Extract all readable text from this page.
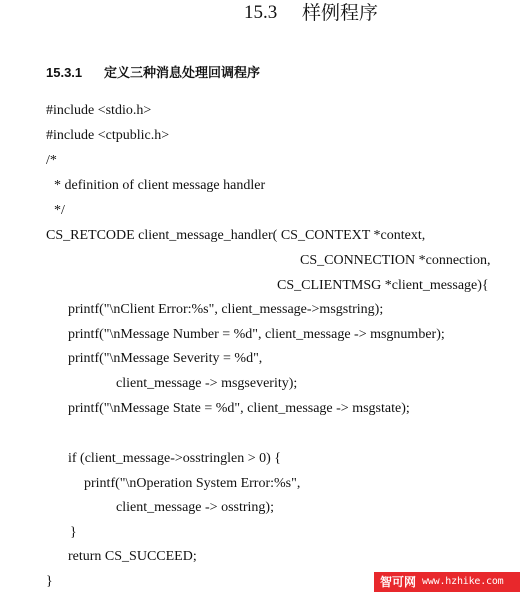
15.3 样例程序
15.3.1 定义三种消息处理回调程序
#include <stdio.h>
#include <ctpublic.h>
/*
* definition of client message handler
*/
CS_RETCODE client_message_handler( CS_CONTEXT *context,
CS_CONNECTION *connection,
CS_CLIENTMSG *client_message){
printf("\nClient Error:%s", client_message->msgstring);
printf("\nMessage Number = %d", client_message -> msgnumber);
printf("\nMessage Severity = %d",
client_message -> msgseverity);
printf("\nMessage State = %d", client_message -> msgstate);
if (client_message->osstringlen > 0) {
printf("\nOperation System Error:%s",
client_message -> osstring);
}
return CS_SUCCEED;
}	智可网 www.hzhike.com
